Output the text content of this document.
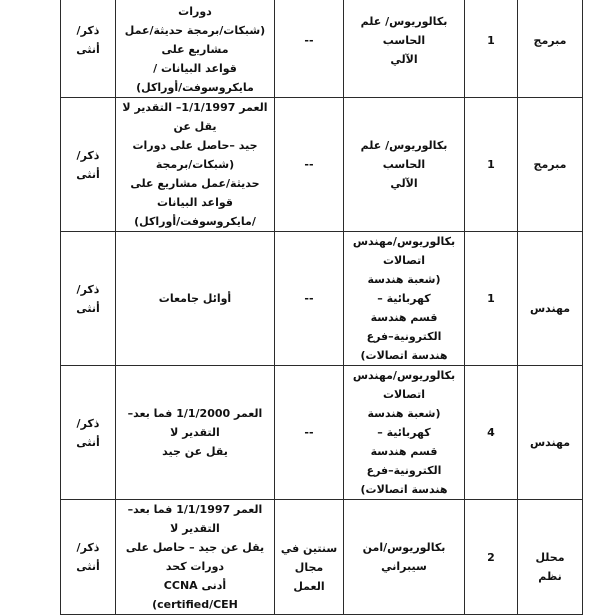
مبرمج	1	بكالوريوس/ علم الحاسب
الآلي	--	دورات
(شبكات/برمجة حديثة/عمل مشاريع على
قواعد البيانات /مايكروسوفت/أوراكل)	ذكر/أنثى

مبرمج	1	بكالوريوس/ علم الحاسب
الآلي	--	العمر 1/1/1997– التقدير لا يقل عن
جيد –حاصل على دورات (شبكات/برمجة
حديثة/عمل مشاريع على قواعد البيانات
/مايكروسوفت/أوراكل)	ذكر/أنثى

مهندس	1	بكالوريوس/مهندس اتصالات
(شعبة هندسة كهربائية –
قسم هندسة الكترونية–فرع
هندسة اتصالات)	--	أوائل جامعات	ذكر/أنثى

مهندس	4	بكالوريوس/مهندس اتصالات
(شعبة هندسة كهربائية –
قسم هندسة الكترونية–فرع
هندسة اتصالات)	--	العمر 1/1/2000 فما بعد– التقدير لا
يقل عن جيد	ذكر/أنثى

محلل نظم	2	بكالوريوس/امن سيبراني	سنتين في
مجال العمل	العمر 1/1/1997 فما بعد– التقدير لا
يقل عن جيد – حاصل على دورات كحد
أدنى CCNA certified/CEH)	ذكر/أنثى
